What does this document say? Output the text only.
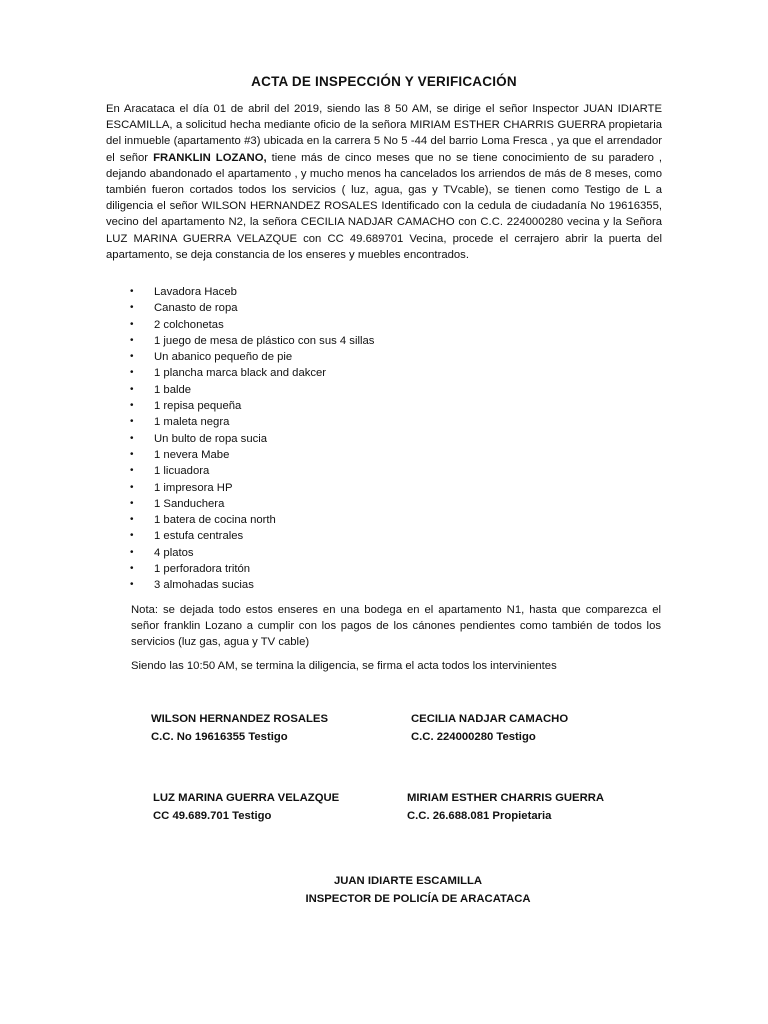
ACTA DE INSPECCIÓN Y VERIFICACIÓN

En Aracataca el día 01 de abril del 2019, siendo las 8 50 AM, se dirige el señor Inspector JUAN IDIARTE ESCAMILLA, a solicitud hecha mediante oficio de la señora MIRIAM ESTHER CHARRIS GUERRA propietaria del inmueble (apartamento #3) ubicada en la carrera 5 No 5 -44 del barrio Loma Fresca , ya que el arrendador el señor FRANKLIN LOZANO, tiene más de cinco meses que no se tiene conocimiento de su paradero , dejando abandonado el apartamento , y mucho menos ha cancelados los arriendos de más de 8 meses, como también fueron cortados todos los servicios ( luz, agua, gas y TVcable), se tienen como Testigo de L a diligencia el señor WILSON HERNANDEZ ROSALES Identificado con la cedula de ciudadanía No 19616355, vecino del apartamento N2, la señora CECILIA NADJAR CAMACHO con C.C. 224000280 vecina y la Señora LUZ MARINA GUERRA VELAZQUE con CC 49.689701 Vecina, procede el cerrajero abrir la puerta del apartamento, se deja constancia de los enseres y muebles encontrados.

• Lavadora Haceb
• Canasto de ropa
• 2 colchonetas
• 1 juego de mesa de plástico con sus 4 sillas
• Un abanico pequeño de pie
• 1 plancha marca black and dakcer
• 1 balde
• 1 repisa pequeña
• 1 maleta negra
• Un bulto de ropa sucia
• 1 nevera Mabe
• 1 licuadora
• 1 impresora HP
• 1 Sanduchera
• 1 batera de cocina north
• 1 estufa centrales
• 4 platos
• 1 perforadora tritón
• 3 almohadas sucias

Nota: se dejada todo estos enseres en una bodega en el apartamento N1, hasta que comparezca el señor franklin Lozano a cumplir con los pagos de los cánones pendientes como también de todos los servicios (luz gas, agua y TV cable)

Siendo las 10:50 AM, se termina la diligencia, se firma el acta todos los intervinientes
WILSON HERNANDEZ ROSALES
C.C. No 19616355 Testigo
CECILIA NADJAR CAMACHO
C.C. 224000280 Testigo
LUZ MARINA GUERRA VELAZQUE
CC 49.689.701 Testigo
MIRIAM ESTHER CHARRIS GUERRA
C.C. 26.688.081 Propietaria
JUAN IDIARTE ESCAMILLA
INSPECTOR DE POLICÍA DE ARACATACA
